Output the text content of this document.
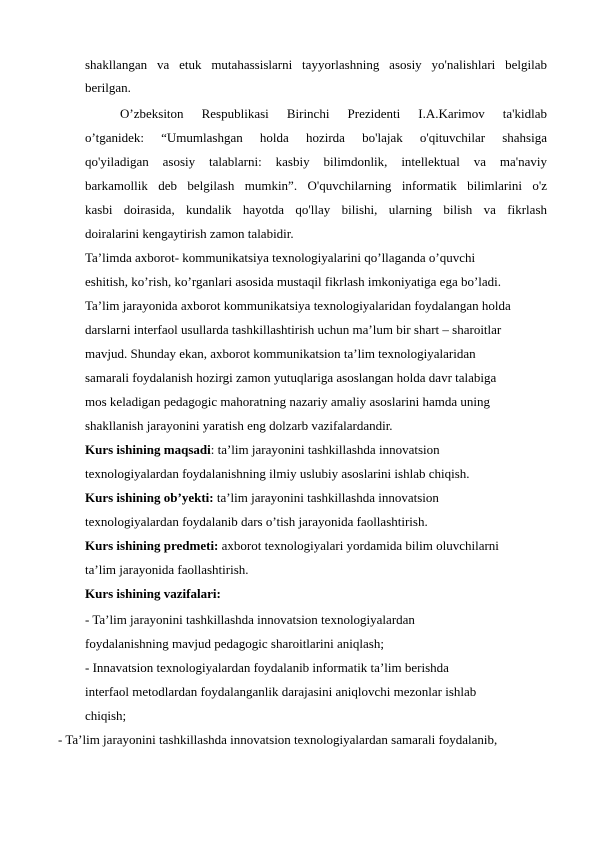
shakllangan va etuk mutahassislarni tayyorlashning asosiy yo'nalishlari belgilab

berilgan.

O’zbeksiton Respublikasi Birinchi Prezidenti I.A.Karimov ta'kidlab

o’tganidek: “Umumlashgan holda hozirda bo'lajak o'qituvchilar shahsiga

qo'yiladigan asosiy talablarni: kasbiy bilimdonlik, intellektual va ma'naviy

barkamollik deb belgilash mumkin”. O'quvchilarning informatik bilimlarini o'z

kasbi doirasida, kundalik hayotda qo'llay bilishi, ularning bilish va fikrlash

doiralarini kengaytirish zamon talabidir.

Ta’limda axborot- kommunikatsiya texnologiyalarini qo’llaganda o’quvchi

eshitish, ko’rish, ko’rganlari asosida mustaqil fikrlash imkoniyatiga ega bo’ladi.

Ta’lim jarayonida axborot kommunikatsiya texnologiyalaridan foydalangan holda

darslarni interfaol usullarda tashkillashtirish uchun ma’lum bir shart – sharoitlar

mavjud. Shunday ekan, axborot kommunikatsion ta’lim texnologiyalaridan

samarali foydalanish hozirgi zamon yutuqlariga asoslangan holda davr talabiga

mos keladigan pedagogic mahoratning nazariy amaliy asoslarini hamda uning

shakllanish jarayonini yaratish eng dolzarb vazifalardandir.

Kurs ishining maqsadi: ta’lim jarayonini tashkillashda innovatsion

texnologiyalardan foydalanishning ilmiy uslubiy asoslarini ishlab chiqish.

Kurs ishining ob’yekti: ta’lim jarayonini tashkillashda innovatsion

texnologiyalardan foydalanib dars o’tish jarayonida faollashtirish.

Kurs ishining predmeti: axborot texnologiyalari yordamida bilim oluvchilarni

ta’lim jarayonida faollashtirish.

Kurs ishining vazifalari:

- Ta’lim jarayonini tashkillashda innovatsion texnologiyalardan

foydalanishning mavjud pedagogic sharoitlarini aniqlash;

- Innavatsion texnologiyalardan foydalanib informatik ta’lim berishda

interfaol metodlardan foydalanganlik darajasini aniqlovchi mezonlar ishlab

chiqish;

- Ta’lim jarayonini tashkillashda innovatsion texnologiyalardan samarali foydalanib,
